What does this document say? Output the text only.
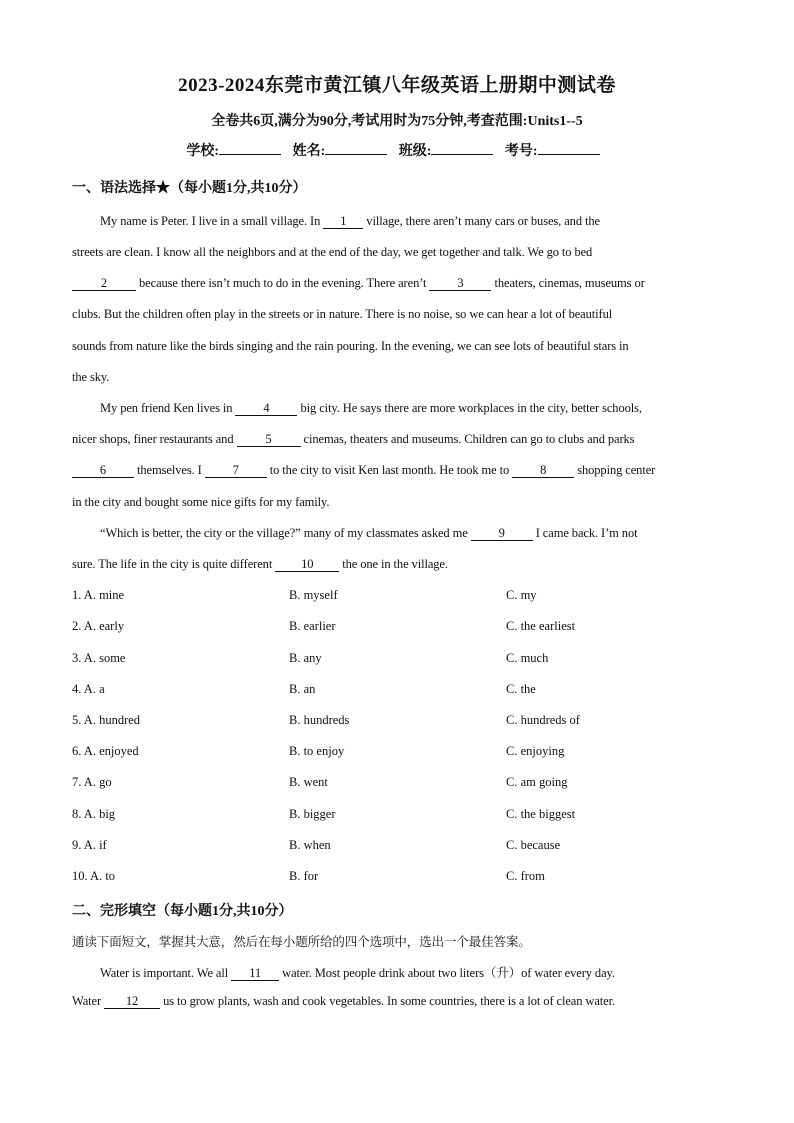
2023-2024东莞市黄江镇八年级英语上册期中测试卷
全卷共6页,满分为90分,考试用时为75分钟,考查范围:Units1--5
学校:	姓名:	班级:	考号:
一、语法选择★（每小题1分,共10分）
My name is Peter. I live in a small village. In 1 village, there aren’t many cars or buses, and the
streets are clean. I know all the neighbors and at the end of the day, we get together and talk. We go to bed
2 because there isn’t much to do in the evening. There aren’t 3 theaters, cinemas, museums or
clubs. But the children often play in the streets or in nature. There is no noise, so we can hear a lot of beautiful
sounds from nature like the birds singing and the rain pouring. In the evening, we can see lots of beautiful stars in
the sky.
My pen friend Ken lives in 4 big city. He says there are more workplaces in the city, better schools,
nicer shops, finer restaurants and 5 cinemas, theaters and museums. Children can go to clubs and parks
6 themselves. I 7 to the city to visit Ken last month. He took me to 8 shopping center
in the city and bought some nice gifts for my family.
“Which is better, the city or the village?” many of my classmates asked me 9 I came back. I’m not
sure. The life in the city is quite different 10 the one in the village.
1. A. mine	B. myself	C. my
2. A. early	B. earlier	C. the earliest
3. A. some	B. any	C. much
4. A. a	B. an	C. the
5. A. hundred	B. hundreds	C. hundreds of
6. A. enjoyed	B. to enjoy	C. enjoying
7. A. go	B. went	C. am going
8. A. big	B. bigger	C. the biggest
9. A. if	B. when	C. because
10. A. to	B. for	C. from
二、完形填空（每小题1分,共10分）
通读下面短文，掌握其大意，然后在每小题所给的四个选项中，选出一个最佳答案。
Water is important. We all 11 water. Most people drink about two liters（升）of water every day.
Water 12 us to grow plants, wash and cook vegetables. In some countries, there is a lot of clean water.
